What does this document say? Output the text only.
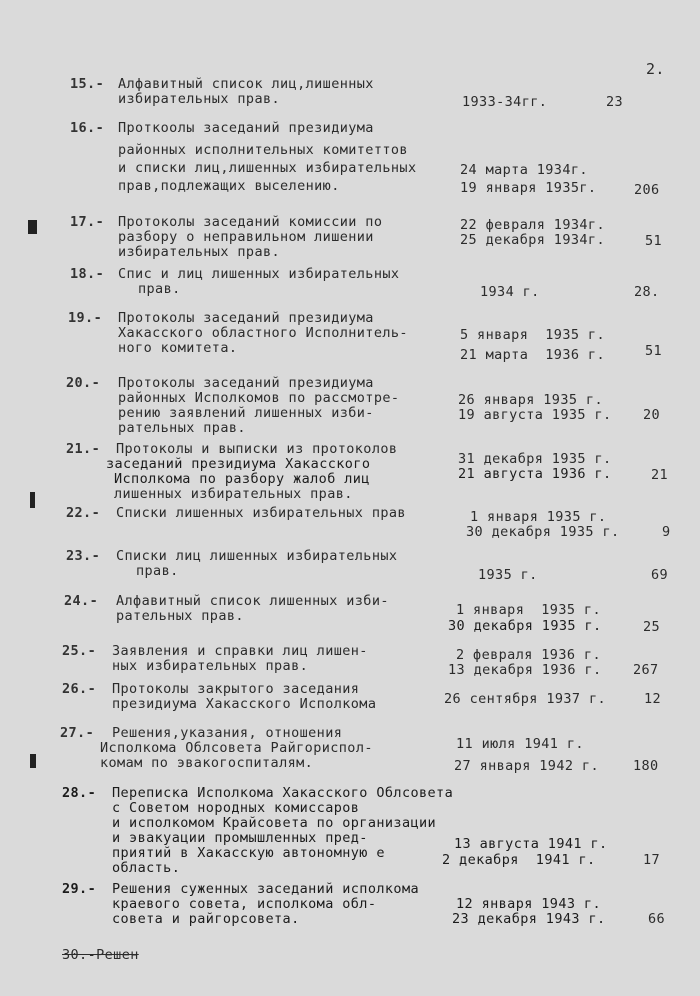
2.
15.- Алфавитный список лиц,лишенных
избирательных прав.	1933-34гг.	23
16.- Проткоолы заседаний президиума
районных исполнительных комитеттов
и списки лиц,лишенных избирательных
прав,подлежащих выселению.
24 марта 1934г.
19 января 1935г.	206
17.- Протоколы заседаний комиссии по
разбору о неправильном лишении
избирательных прав.
22 февраля 1934г.
25 декабря 1934г.	51
18.- Спис и лиц лишенных избирательных
прав.	1934 г.	28.
19.- Протоколы заседаний президиума
Хакасского областного Исполнитель-
ного комитета.
5 января  1935 г.
21 марта  1936 г.	51
20.- Протоколы заседаний президиума
районных Исполкомов по рассмотре-
рению заявлений лишенных изби-
рательных прав.
26 января 1935 г.
19 августа 1935 г. 20
21.- Протоколы и выписки из протоколов
заседаний президиума Хакасского
Исполкома по разбору жалоб лиц
лишенных избирательных прав.
31 декабря 1935 г.
21 августа 1936 г.	21
22.- Списки лишенных избирательных прав	1 января 1935 г.
30 декабря 1935 г.	9
23.- Списки лиц лишенных избирательных
прав.	1935 г.	69
24.- Алфавитный список лишенных изби-
рательных прав.	1 января  1935 г.
30 декабря 1935 г.	25
25.- Заявления и справки лиц лишен-
ных избирательных прав.
2 февраля 1936 г.
13 декабря 1936 г. 267
26.- Протоколы закрытого заседания
президиума Хакасского Исполкома	26 сентября 1937 г.	12
27.- Решения,указания, отношения
Исполкома Облсовета Райгориспол-
комам по эвакогоспиталям.
11 июля 1941 г.
27 января 1942 г.	180
28.- Переписка Исполкома Хакасского Облсовета
с Советом нородных комиссаров
и исполкомом Крайсовета по организации
и эвакуации промышленных пред-
приятий в Хакасскую автономную е
область.
13 августа 1941 г.
2 декабря  1941 г.	17
29.- Решения суженных заседаний исполкома
краевого совета, исполкома обл-
совета и райгорсовета.
12 января 1943 г.
23 декабря 1943 г.	66
30.-Решен
